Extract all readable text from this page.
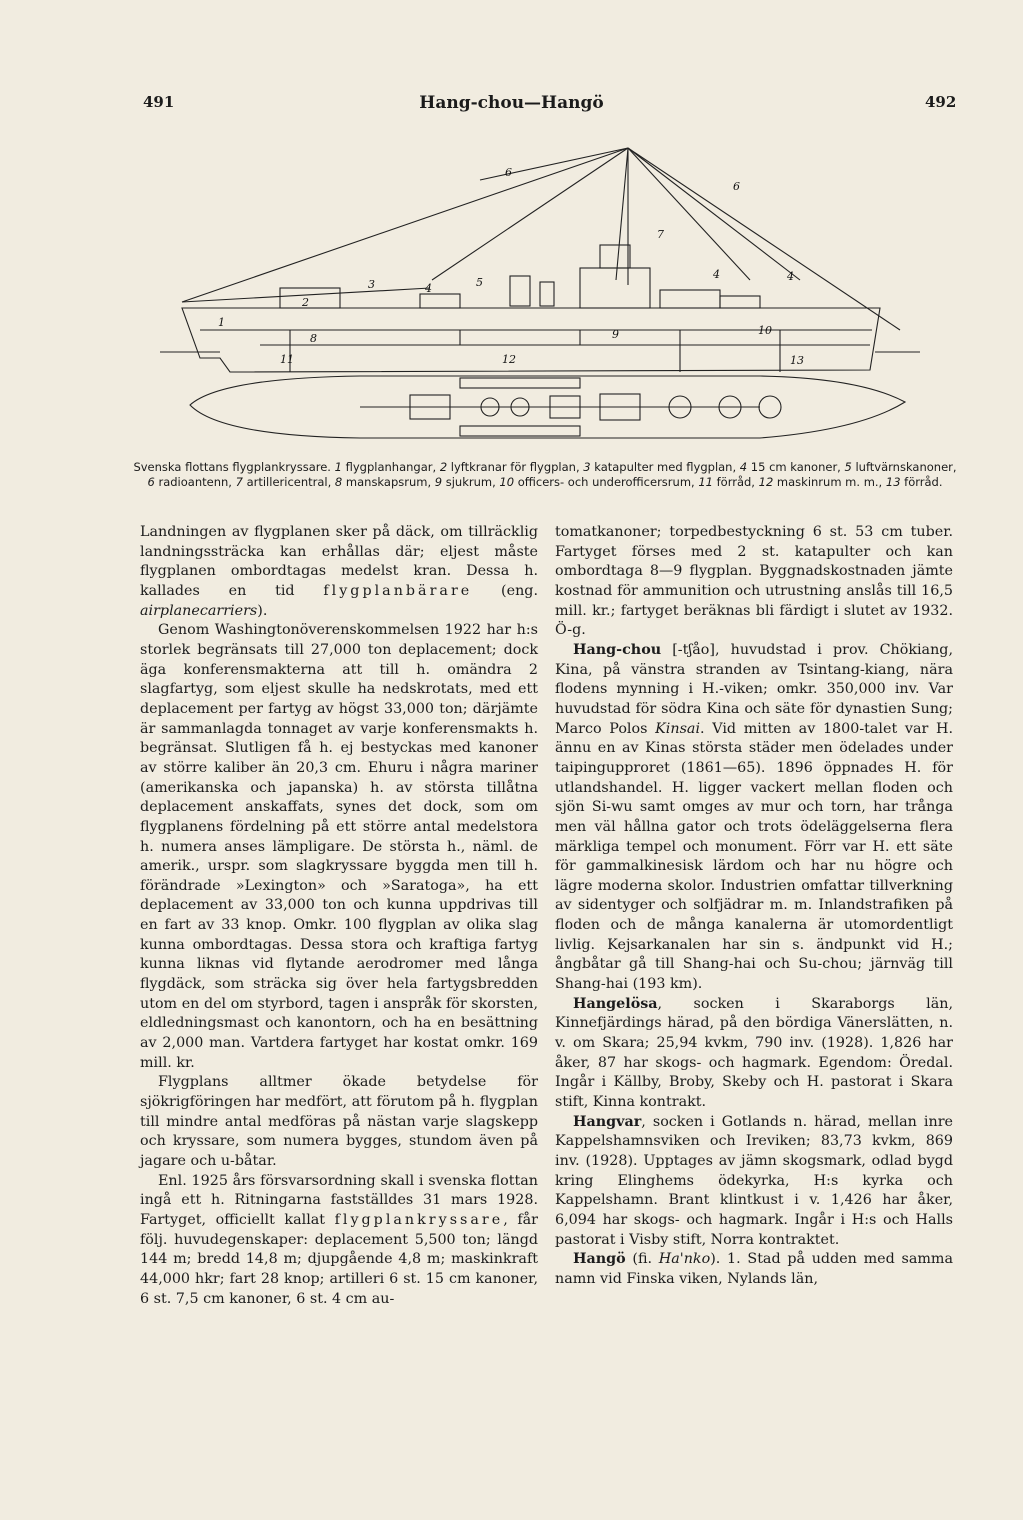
491	Hang-chou—Hangö	492
1
2
3	4	5
6
6
7
4	4
8	9	10
11	12	13
Svenska flottans flygplankryssare. 1 flygplanhangar, 2 lyftkranar för flygplan, 3 katapulter med flygplan, 4 15 cm kanoner, 5 luftvärnskanoner, 6 radioantenn, 7 artillericentral, 8 manskapsrum, 9 sjukrum, 10 officers- och underofficersrum, 11 förråd, 12 maskinrum m. m., 13 förråd.

Landningen av flygplanen sker på däck, om tillräcklig landningssträcka kan erhållas där; eljest måste flygplanen ombordtagas medelst kran. Dessa h. kallades en tid flygplanbärare (eng. airplanecarriers).

Genom Washingtonöverenskommelsen 1922 har h:s storlek begränsats till 27,000 ton deplacement; dock äga konferensmakterna att till h. omändra 2 slagfartyg, som eljest skulle ha nedskrotats, med ett deplacement per fartyg av högst 33,000 ton; därjämte är sammanlagda tonnaget av varje konferensmakts h. begränsat. Slutligen få h. ej bestyckas med kanoner av större kaliber än 20,3 cm. Ehuru i några mariner (amerikanska och japanska) h. av största tillåtna deplacement anskaffats, synes det dock, som om flygplanens fördelning på ett större antal medelstora h. numera anses lämpligare. De största h., näml. de amerik., urspr. som slagkryssare byggda men till h. förändrade »Lexington» och »Saratoga», ha ett deplacement av 33,000 ton och kunna uppdrivas till en fart av 33 knop. Omkr. 100 flygplan av olika slag kunna ombordtagas. Dessa stora och kraftiga fartyg kunna liknas vid flytande aerodromer med långa flygdäck, som sträcka sig över hela fartygsbredden utom en del om styrbord, tagen i anspråk för skorsten, eldledningsmast och kanontorn, och ha en besättning av 2,000 man. Vartdera fartyget har kostat omkr. 169 mill. kr.

Flygplans alltmer ökade betydelse för sjökrigföringen har medfört, att förutom på h. flygplan till mindre antal medföras på nästan varje slagskepp och kryssare, som numera bygges, stundom även på jagare och u-båtar.

Enl. 1925 års försvarsordning skall i svenska flottan ingå ett h. Ritningarna fastställdes 31 mars 1928. Fartyget, officiellt kallat flygplankryssare, får följ. huvudegenskaper: deplacement 5,500 ton; längd 144 m; bredd 14,8 m; djupgående 4,8 m; maskinkraft 44,000 hkr; fart 28 knop; artilleri 6 st. 15 cm kanoner, 6 st. 7,5 cm kanoner, 6 st. 4 cm au-

tomatkanoner; torpedbestyckning 6 st. 53 cm tuber. Fartyget förses med 2 st. katapulter och kan ombordtaga 8—9 flygplan. Byggnadskostnaden jämte kostnad för ammunition och utrustning anslås till 16,5 mill. kr.; fartyget beräknas bli färdigt i slutet av 1932. Ö-g.

Hang-chou [-tʃåo], huvudstad i prov. Chökiang, Kina, på vänstra stranden av Tsintang-kiang, nära flodens mynning i H.-viken; omkr. 350,000 inv. Var huvudstad för södra Kina och säte för dynastien Sung; Marco Polos Kinsai. Vid mitten av 1800-talet var H. ännu en av Kinas största städer men ödelades under taipingupproret (1861—65). 1896 öppnades H. för utlandshandel. H. ligger vackert mellan floden och sjön Si-wu samt omges av mur och torn, har trånga men väl hållna gator och trots ödeläggelserna flera märkliga tempel och monument. Förr var H. ett säte för gammalkinesisk lärdom och har nu högre och lägre moderna skolor. Industrien omfattar tillverkning av sidentyger och solfjädrar m. m. Inlandstrafiken på floden och de många kanalerna är utomordentligt livlig. Kejsarkanalen har sin s. ändpunkt vid H.; ångbåtar gå till Shang-hai och Su-chou; järnväg till Shang-hai (193 km).

Hangelösa, socken i Skaraborgs län, Kinnefjärdings härad, på den bördiga Vänerslätten, n. v. om Skara; 25,94 kvkm, 790 inv. (1928). 1,826 har åker, 87 har skogs- och hagmark. Egendom: Öredal. Ingår i Källby, Broby, Skeby och H. pastorat i Skara stift, Kinna kontrakt.

Hangvar, socken i Gotlands n. härad, mellan inre Kappelshamnsviken och Ireviken; 83,73 kvkm, 869 inv. (1928). Upptages av jämn skogsmark, odlad bygd kring Elinghems ödekyrka, H:s kyrka och Kappelshamn. Brant klintkust i v. 1,426 har åker, 6,094 har skogs- och hagmark. Ingår i H:s och Halls pastorat i Visby stift, Norra kontraktet.

Hangö (fi. Ha'nko). 1. Stad på udden med samma namn vid Finska viken, Nylands län,
